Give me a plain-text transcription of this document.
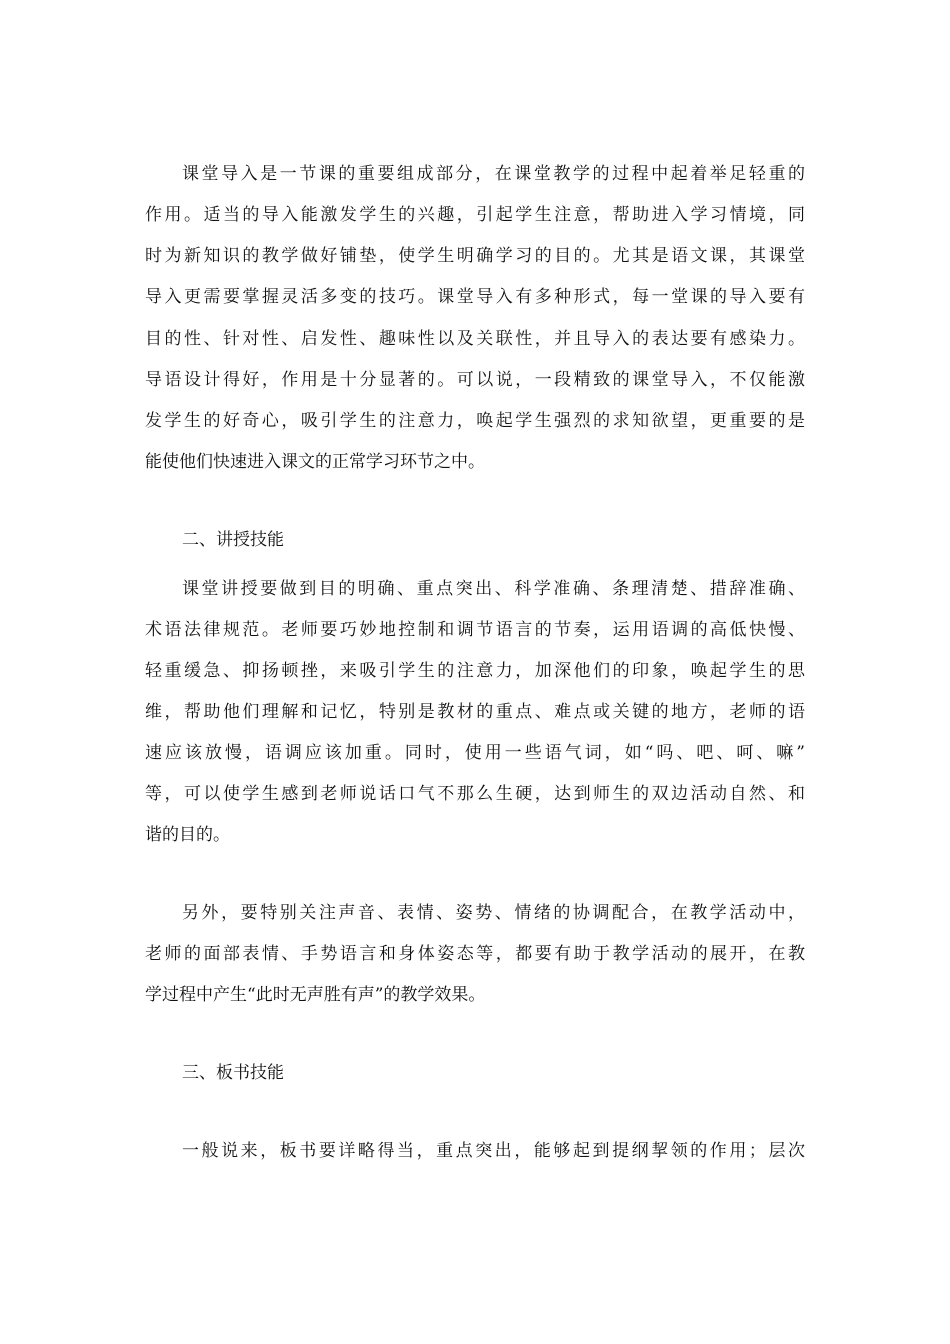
课堂导入是一节课的重要组成部分，在课堂教学的过程中起着举足轻重的
作用。适当的导入能激发学生的兴趣，引起学生注意，帮助进入学习情境，同
时为新知识的教学做好铺垫，使学生明确学习的目的。尤其是语文课，其课堂
导入更需要掌握灵活多变的技巧。课堂导入有多种形式，每一堂课的导入要有
目的性、针对性、启发性、趣味性以及关联性，并且导入的表达要有感染力。
导语设计得好，作用是十分显著的。可以说，一段精致的课堂导入，不仅能激
发学生的好奇心，吸引学生的注意力，唤起学生强烈的求知欲望，更重要的是
能使他们快速进入课文的正常学习环节之中。
二、讲授技能
课堂讲授要做到目的明确、重点突出、科学准确、条理清楚、措辞准确、
术语法律规范。老师要巧妙地控制和调节语言的节奏，运用语调的高低快慢、
轻重缓急、抑扬顿挫，来吸引学生的注意力，加深他们的印象，唤起学生的思
维，帮助他们理解和记忆，特别是教材的重点、难点或关键的地方，老师的语
速应该放慢，语调应该加重。同时，使用一些语气词，如“吗、吧、呵、嘛”
等，可以使学生感到老师说话口气不那么生硬，达到师生的双边活动自然、和
谐的目的。
另外，要特别关注声音、表情、姿势、情绪的协调配合，在教学活动中，
老师的面部表情、手势语言和身体姿态等，都要有助于教学活动的展开，在教
学过程中产生“此时无声胜有声”的教学效果。
三、板书技能
一般说来，板书要详略得当，重点突出，能够起到提纲挈领的作用；层次
